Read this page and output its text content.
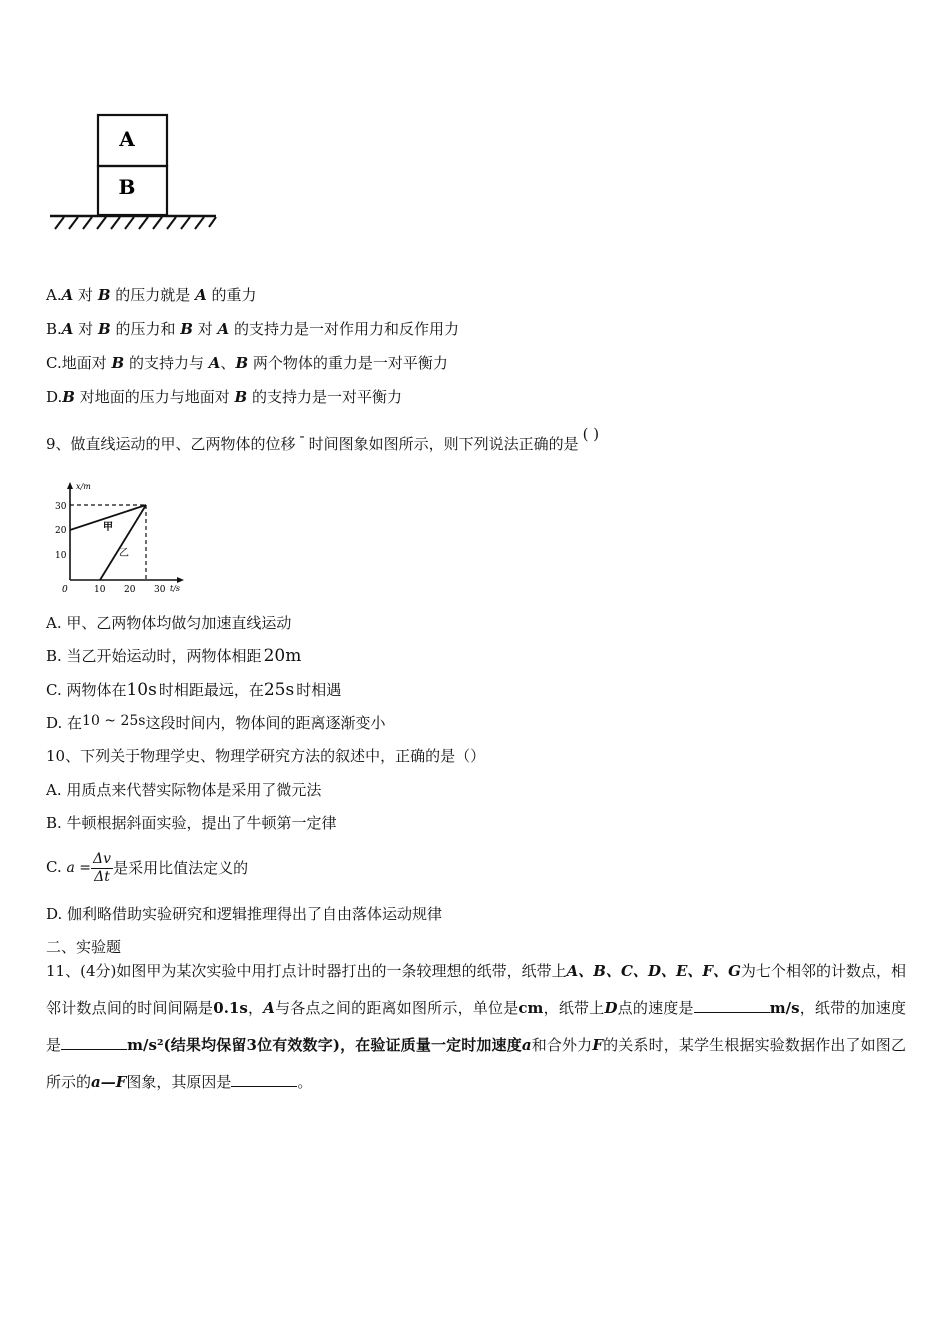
A
B
A.A 对 B 的压力就是 A 的重力
B.A 对 B 的压力和 B 对 A 的支持力是一对作用力和反作用力
C.地面对 B 的支持力与 A、B 两个物体的重力是一对平衡力
D.B 对地面的压力与地面对 B 的支持力是一对平衡力
9、做直线运动的甲、乙两物体的位移 - 时间图象如图所示，则下列说法正确的是( )
x/m
t/s
0
30
20
10
10 20 30
甲
乙
A. 甲、乙两物体均做匀加速直线运动
B. 当乙开始运动时，两物体相距 20m
C. 两物体在10s 时相距最远，在25s 时相遇
D. 在10 ~ 25s这段时间内，物体间的距离逐渐变小
10、下列关于物理学史、物理学研究方法的叙述中，正确的是（）
A. 用质点来代替实际物体是采用了微元法
B. 牛顿根据斜面实验，提出了牛顿第一定律
C. $a = \frac{\Delta v}{\Delta t}$ 是采用比值法定义的
D. 伽利略借助实验研究和逻辑推理得出了自由落体运动规律
二、实验题
11、(4分)如图甲为某次实验中用打点计时器打出的一条较理想的纸带，纸带上A、B、C、D、E、F、G为七个相邻的计数点，相邻计数点间的时间间隔是0.1s，A与各点之间的距离如图所示，单位是cm，纸带上D点的速度是	m/s，纸带的加速度是	m/s²(结果均保留3位有效数字)，在验证质量一定时加速度a和合外力F的关系时，某学生根据实验数据作出了如图乙所示的a—F图象，其原因是	。
